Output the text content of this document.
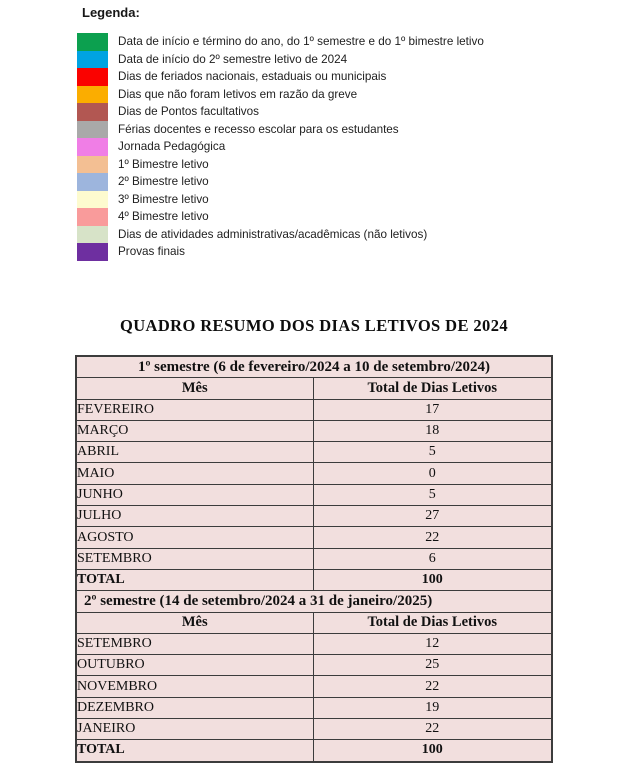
Legenda:
Data de início e término do ano, do 1º semestre e do 1º bimestre letivo
Data de início do 2º semestre letivo de 2024
Dias de feriados nacionais, estaduais ou municipais
Dias que não foram letivos em razão da greve
Dias de Pontos facultativos
Férias docentes e recesso escolar para os estudantes
Jornada Pedagógica
1º Bimestre letivo
2º Bimestre letivo
3º Bimestre letivo
4º Bimestre letivo
Dias de atividades administrativas/acadêmicas (não letivos)
Provas finais
QUADRO RESUMO DOS DIAS LETIVOS DE 2024
1º semestre (6 de fevereiro/2024 a 10 de setembro/2024)	
Mês	Total de Dias Letivos
FEVEREIRO	17
MARÇO	18
ABRIL	5
MAIO	0
JUNHO	5
JULHO	27
AGOSTO	22
SETEMBRO	6
TOTAL	100
2º semestre (14 de setembro/2024 a 31 de janeiro/2025)	
Mês	Total de Dias Letivos
SETEMBRO	12
OUTUBRO	25
NOVEMBRO	22
DEZEMBRO	19
JANEIRO	22
TOTAL	100
